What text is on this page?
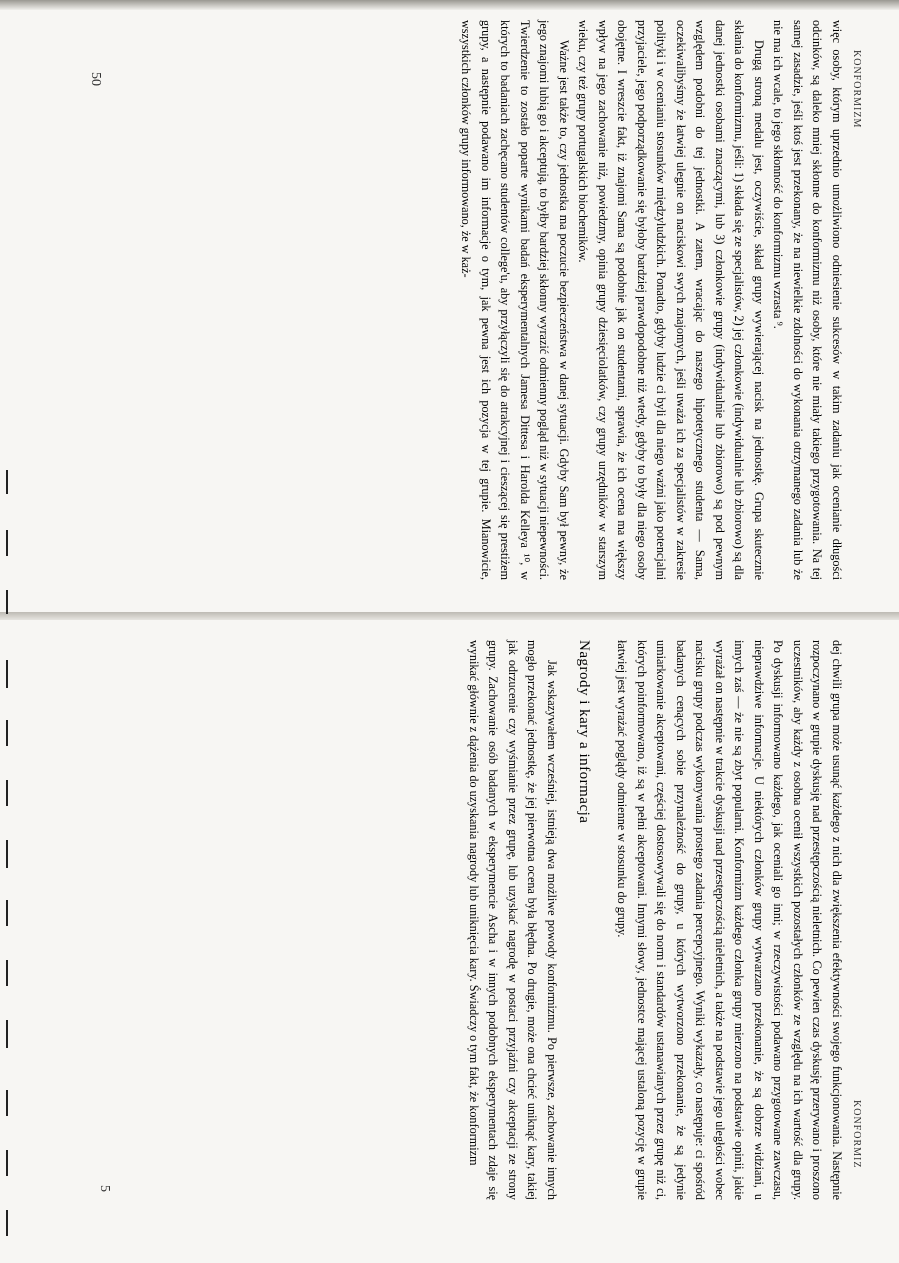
więc osoby, którym uprzednio umożliwiono odniesienie sukcesów w takim zadaniu jak ocenianie długości odcinków, są daleko mniej skłonne do konformizmu niż osoby, które nie miały takiego przygotowania. Na tej samej zasadzie, jeśli ktoś jest przekonany, że na niewielkie zdolności do wykonania otrzymanego zadania lub że nie ma ich wcale, to jego skłonność do konformizmu wzrasta ⁹.

Drugą stroną medalu jest, oczywiście, skład grupy wywierającej nacisk na jednostkę. Grupa skutecznie skłania do konformizmu, jeśli: 1) składa się ze specjalistów, 2) jej członkowie (indywidualnie lub zbiorowo) są dla danej jednostki osobami znaczącymi, lub 3) członkowie grupy (indywidualnie lub zbiorowo) są pod pewnym względem podobni do tej jednostki. A zatem, wracając do naszego hipotetycznego studenta — Sama, oczekiwalibyśmy że łatwiej ulegnie on naciskowi swych znajomych, jeśli uważa ich za specjalistów w zakresie polityki i w ocenianiu stosunków międzyludzkich. Ponadto, gdyby ludzie ci byli dla niego ważni jako potencjalni przyjaciele, jego podporządkowanie się byłoby bardziej prawdopodobne niż wtedy, gdyby to były dla niego osoby obojętne. I wreszcie fakt, iż znajomi Sama są podobnie jak on studentami, sprawia, że ich ocena ma większy wpływ na jego zachowanie niż, powiedzmy, opinia grupy dziesięciolatków, czy grupy urzędników w starszym wieku, czy też grupy portugalskich biochemików.

Ważne jest także to, czy jednostka ma poczucie bezpieczeństwa w danej sytuacji. Gdyby Sam był pewny, że jego znajomi lubią go i akceptują, to byłby bardziej skłonny wyrazić odmienny pogląd niż w sytuacji niepewności. Twierdzenie to zostało poparte wynikami badań eksperymentalnych Jamesa Dittesa i Harolda Kelleya ¹⁰, w których to badaniach zachęcano studentów college'u, aby przyłączyli się do atrakcyjnej i cieszącej się prestiżem grupy, a następnie podawano im informacje o tym, jak pewna jest ich pozycja w tej grupie. Mianowicie, wszystkich członków grupy informowano, że w każ-	KONFORMIZM
50

dej chwili grupa może usunąć każdego z nich dla zwiększenia efektywności swojego funkcjonowania. Następnie rozpoczynano w grupie dyskusję nad przestępczością nieletnich. Co pewien czas dyskusję przerywano i proszono uczestników, aby każdy z osobna ocenił wszystkich pozostałych członków ze względu na ich wartość dla grupy. Po dyskusji informowano każdego, jak oceniali go inni; w rzeczywistości podawano przygotowane zawczasu, nieprawdziwe informacje. U niektórych członków grupy wytwarzano przekonanie, że są dobrze widziani, u innych zaś — że nie są zbyt popularni. Konformizm każdego członka grupy mierzono na podstawie opinii, jakie wyrażał on następnie w trakcie dyskusji nad przestępczością nieletnich, a także na podstawie jego uległości wobec nacisku grupy podczas wykonywania prostego zadania percepcyjnego. Wyniki wykazały, co następuje: ci spośród badanych cenących sobie przynależność do grupy, u których wytworzono przekonanie, że są jedynie umiarkowanie akceptowani, częściej dostosowywali się do norm i standardów ustanawianych przez grupę niż ci, których poinformowano, iż są w pełni akceptowani. Innymi słowy, jednostce mającej ustaloną pozycję w grupie łatwiej jest wyrażać poglądy odmienne w stosunku do grupy.

Nagrody i kary a informacja

Jak wskazywałem wcześniej, istnieją dwa możliwe powody konformizmu. Po pierwsze, zachowanie innych mogło przekonać jednostkę, że jej pierwotna ocena była błędna. Po drugie, może ona chcieć uniknąć kary, takiej jak odrzucenie czy wyśmianie przez grupę, lub uzyskać nagrodę w postaci przyjaźni czy akceptacji ze strony grupy. Zachowanie osób badanych w eksperymencie Ascha i w innych podobnych eksperymentach zdaje się wynikać głównie z dążenia do uzyskania nagrody lub uniknięcia kary. Świadczy o tym fakt, że konformizm	KONFORMIZ
5
